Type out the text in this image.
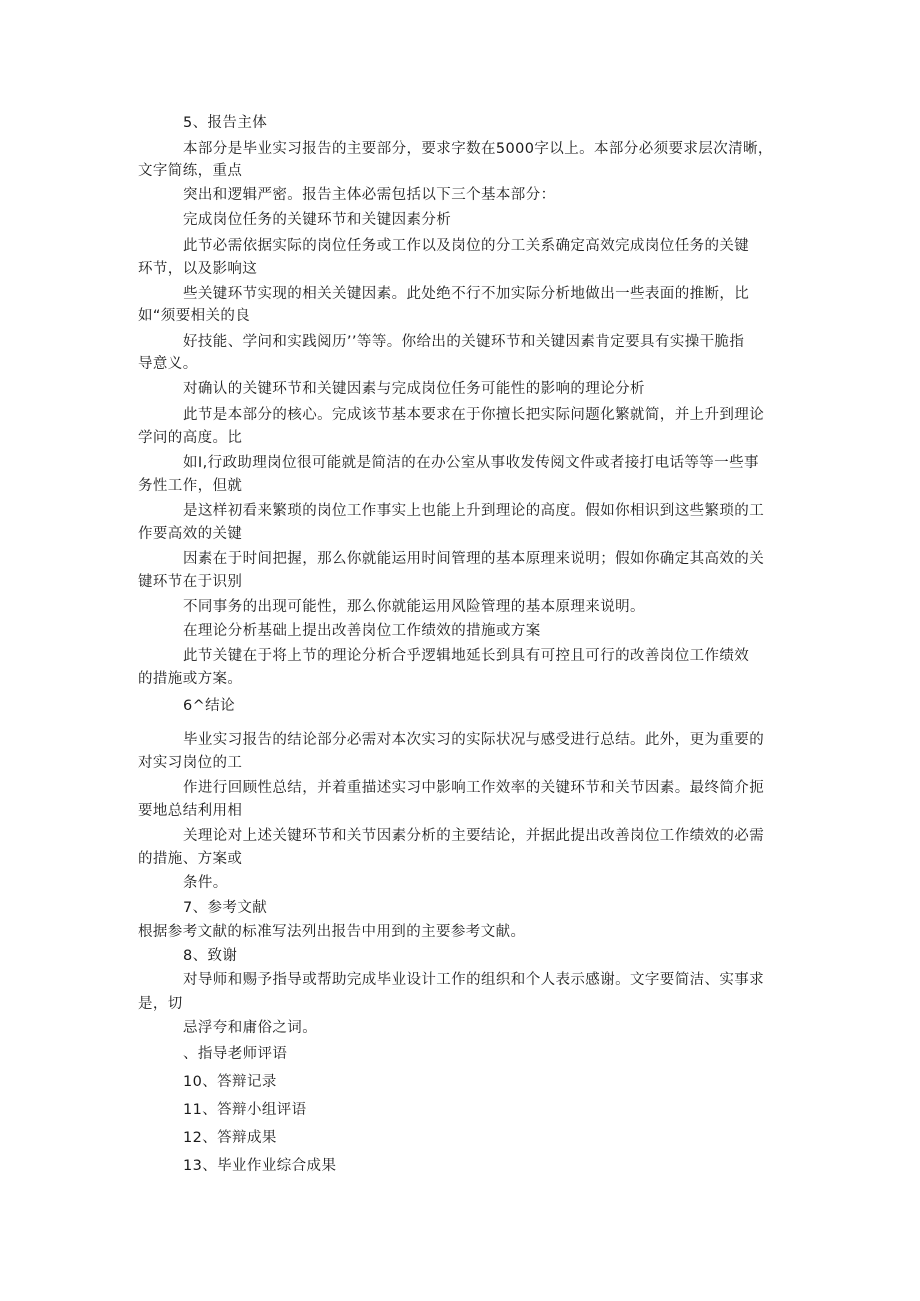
5、报告主体
本部分是毕业实习报告的主要部分，要求字数在5000字以上。本部分必须要求层次清晰，
文字简练，重点
突出和逻辑严密。报告主体必需包括以下三个基本部分：
完成岗位任务的关键环节和关键因素分析
此节必需依据实际的岗位任务或工作以及岗位的分工关系确定高效完成岗位任务的关键
环节，以及影响这
些关键环节实现的相关关键因素。此处绝不行不加实际分析地做出一些表面的推断，比
如“须要相关的良
好技能、学问和实践阅历’’等等。你给出的关键环节和关键因素肯定要具有实操干脆指
导意义。
对确认的关键环节和关键因素与完成岗位任务可能性的影响的理论分析
此节是本部分的核心。完成该节基本要求在于你擅长把实际问题化繁就简，并上升到理论
学问的高度。比
如I,行政助理岗位很可能就是简洁的在办公室从事收发传阅文件或者接打电话等等一些事
务性工作，但就
是这样初看来繁琐的岗位工作事实上也能上升到理论的高度。假如你相识到这些繁琐的工
作要高效的关键
因素在于时间把握，那么你就能运用时间管理的基本原理来说明；假如你确定其高效的关
键环节在于识别
不同事务的出现可能性，那么你就能运用风险管理的基本原理来说明。
在理论分析基础上提出改善岗位工作绩效的措施或方案
此节关键在于将上节的理论分析合乎逻辑地延长到具有可控且可行的改善岗位工作绩效
的措施或方案。
6^结论
毕业实习报告的结论部分必需对本次实习的实际状况与感受进行总结。此外，更为重要的
对实习岗位的工
作进行回顾性总结，并着重描述实习中影响工作效率的关键环节和关节因素。最终简介扼
要地总结利用相
关理论对上述关键环节和关节因素分析的主要结论，并据此提出改善岗位工作绩效的必需
的措施、方案或
条件。
7、参考文献
根据参考文献的标准写法列出报告中用到的主要参考文献。
8、致谢
对导师和赐予指导或帮助完成毕业设计工作的组织和个人表示感谢。文字要简洁、实事求
是，切
忌浮夸和庸俗之词。
、指导老师评语
10、答辩记录
11、答辩小组评语
12、答辩成果
13、毕业作业综合成果
